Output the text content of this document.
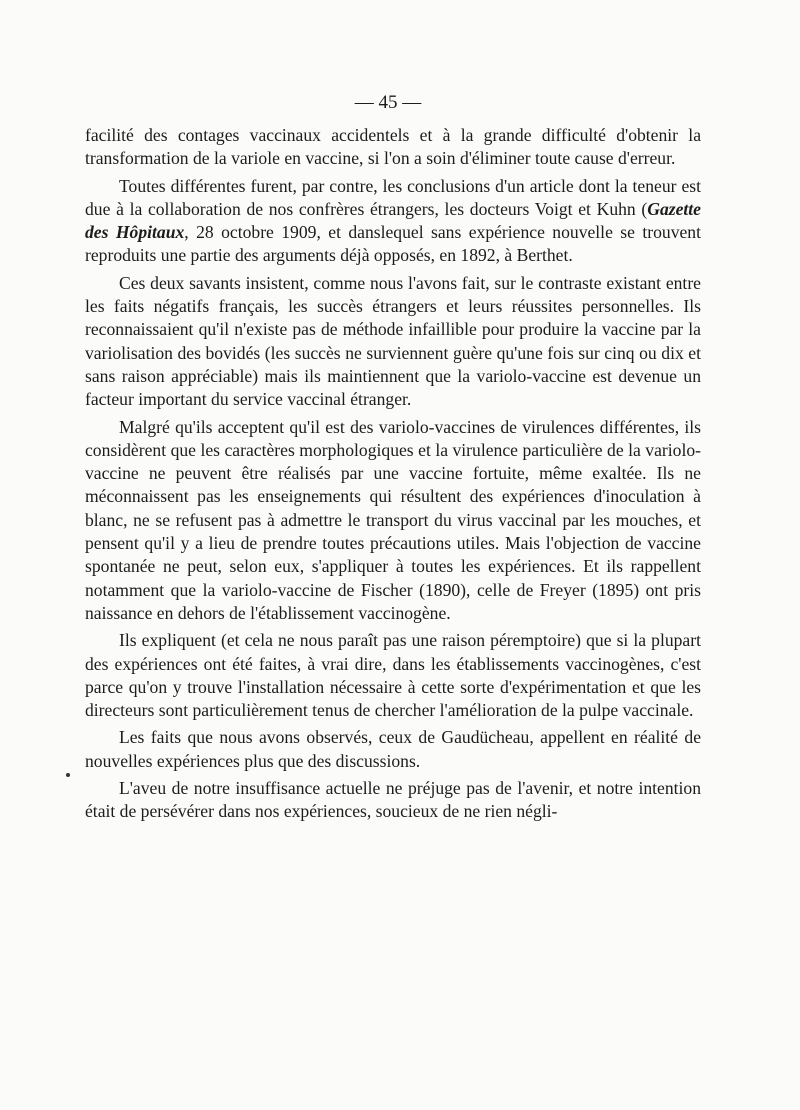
— 45 —

facilité des contages vaccinaux accidentels et à la grande difficulté d'obtenir la transformation de la variole en vaccine, si l'on a soin d'éliminer toute cause d'erreur.

Toutes différentes furent, par contre, les conclusions d'un article dont la teneur est due à la collaboration de nos confrères étrangers, les docteurs Voigt et Kuhn (Gazette des Hôpitaux, 28 octobre 1909, et danslequel sans expérience nouvelle se trouvent reproduits une partie des arguments déjà opposés, en 1892, à Berthet.

Ces deux savants insistent, comme nous l'avons fait, sur le contraste existant entre les faits négatifs français, les succès étrangers et leurs réussites personnelles. Ils reconnaissaient qu'il n'existe pas de méthode infaillible pour produire la vaccine par la variolisation des bovidés (les succès ne surviennent guère qu'une fois sur cinq ou dix et sans raison appréciable) mais ils maintiennent que la variolo-vaccine est devenue un facteur important du service vaccinal étranger.

Malgré qu'ils acceptent qu'il est des variolo-vaccines de virulences différentes, ils considèrent que les caractères morphologiques et la virulence particulière de la variolo-vaccine ne peuvent être réalisés par une vaccine fortuite, même exaltée. Ils ne méconnaissent pas les enseignements qui résultent des expériences d'inoculation à blanc, ne se refusent pas à admettre le transport du virus vaccinal par les mouches, et pensent qu'il y a lieu de prendre toutes précautions utiles. Mais l'objection de vaccine spontanée ne peut, selon eux, s'appliquer à toutes les expériences. Et ils rappellent notamment que la variolo-vaccine de Fischer (1890), celle de Freyer (1895) ont pris naissance en dehors de l'établissement vaccinogène.

Ils expliquent (et cela ne nous paraît pas une raison péremptoire) que si la plupart des expériences ont été faites, à vrai dire, dans les établissements vaccinogènes, c'est parce qu'on y trouve l'installation nécessaire à cette sorte d'expérimentation et que les directeurs sont particulièrement tenus de chercher l'amélioration de la pulpe vaccinale.

Les faits que nous avons observés, ceux de Gaudücheau, appellent en réalité de nouvelles expériences plus que des discussions.

L'aveu de notre insuffisance actuelle ne préjuge pas de l'avenir, et notre intention était de persévérer dans nos expériences, soucieux de ne rien négli-
